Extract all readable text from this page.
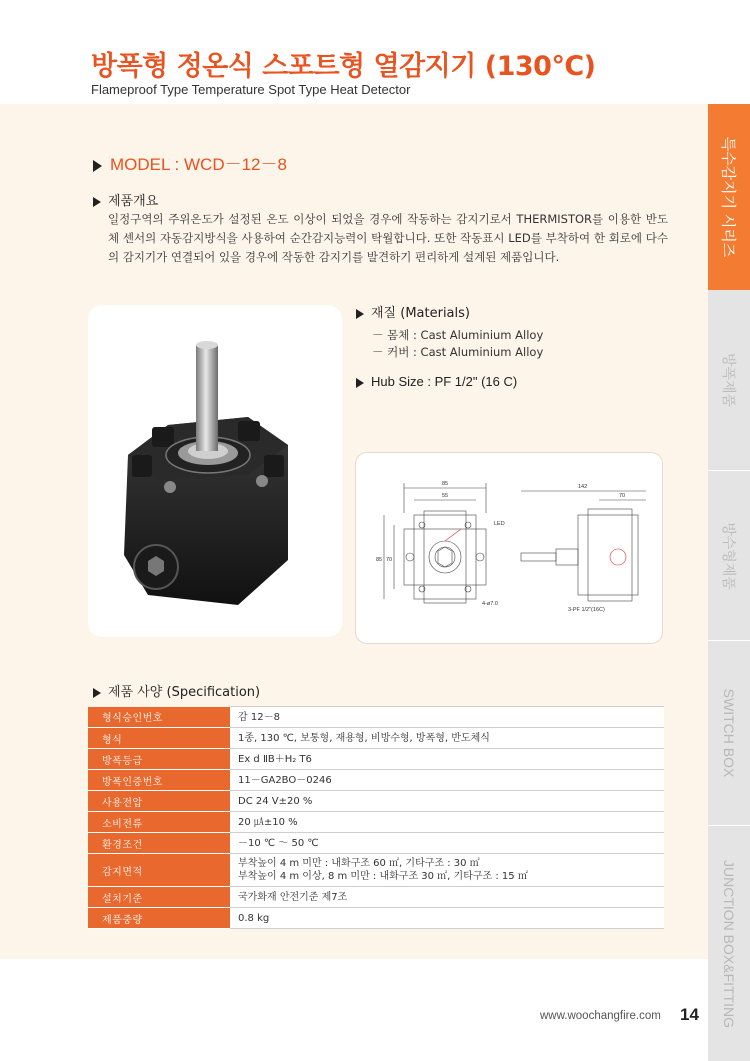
방폭형 정온식 스포트형 열감지기 (130℃)
Flameproof Type Temperature Spot Type Heat Detector
MODEL : WCD－12－8
제품개요
일정구역의 주위온도가 설정된 온도 이상이 되었을 경우에 작동하는 감지기로서 THERMISTOR를 이용한 반도체 센서의 자동감지방식을 사용하여 순간감지능력이 탁월합니다. 또한 작동표시 LED를 부착하여 한 회로에 다수의 감지기가 연결되어 있을 경우에 작동한 감지기를 발견하기 편리하게 설계된 제품입니다.
재질 (Materials)
－ 몸체 : Cast Aluminium Alloy
－ 커버 : Cast Aluminium Alloy
Hub Size : PF 1/2" (16 C)
85
55
142
70
85 70
LED
4-ø7.0
3-PF 1/2"(16C)
제품 사양 (Specification)
형식승인번호	감 12－8
형식	1종, 130 ℃, 보통형, 재용형, 비방수형, 방폭형, 반도체식
방폭등급	Ex d ⅡB＋H₂ T6
방폭인증번호	11－GA2BO－0246
사용전압	DC 24 V±20 %
소비전류	20 ㎂±10 %
환경조건	－10 ℃ ～ 50 ℃
감지면적	부착높이 4 m 미만 : 내화구조 60 ㎡, 기타구조 : 30 ㎡
부착높이 4 m 이상, 8 m 미만 : 내화구조 30 ㎡, 기타구조 : 15 ㎡

설치기준	국가화재 안전기준 제7조
제품중량	0.8 kg
특수감지기 시리즈
방폭제품
방수형제품
SWITCH BOX
JUNCTION BOX&FITTING
www.woochangfire.com 14
